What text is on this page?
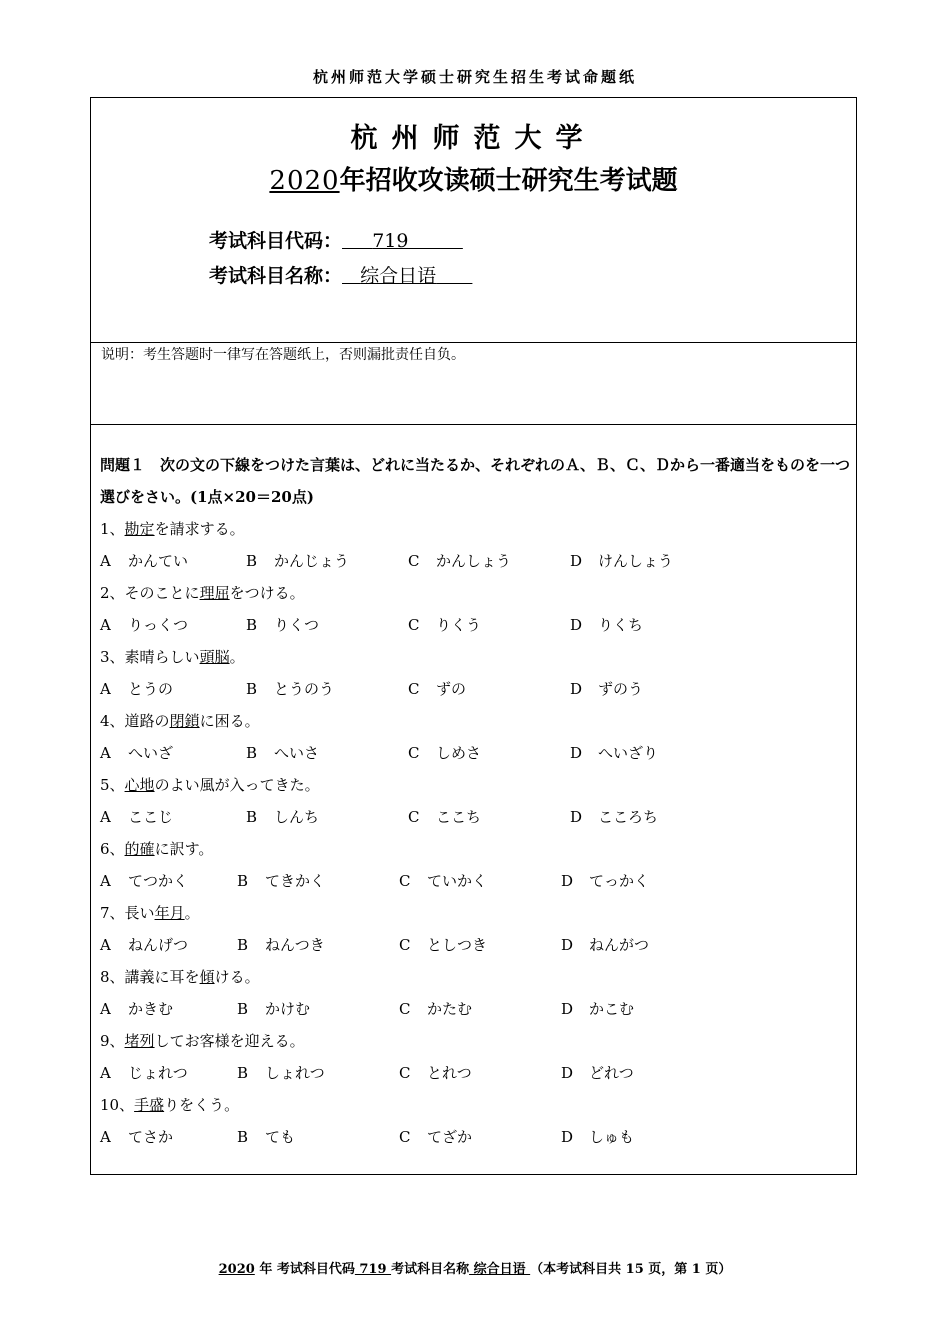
杭州师范大学硕士研究生招生考试命题纸
杭州师范大学
2020年招收攻读硕士研究生考试题
考试科目代码： 719
考试科目名称： 综合日语
说明：考生答题时一律写在答题纸上，否则漏批责任自负。
問題１　次の文の下線をつけた言葉は、どれに当たるか、それぞれのＡ、Ｂ、Ｃ、Ｄから一番適当をものを一つ選びをさい。(1点×20＝20点)
1、勘定を請求する。
A かんてい	B かんじょう	C かんしょう	D けんしょう
2、そのことに理屈をつける。
A りっくつ	B りくつ	C りくう	D りくち
3、素晴らしい頭脳。
A とうの	B とうのう	C ずの	D ずのう
4、道路の閉鎖に困る。
A へいざ	B へいさ	C しめさ	D へいざり
5、心地のよい風が入ってきた。
A ここじ	B しんち	C ここち	D こころち
6、的確に訳す。
A てつかく	B てきかく	C ていかく	D てっかく
7、長い年月。
A ねんげつ	B ねんつき	C としつき	D ねんがつ
8、講義に耳を傾ける。
A かきむ	B かけむ	C かたむ	D かこむ
9、堵列してお客様を迎える。
A じょれつ	B しょれつ	C とれつ	D どれつ
10、手盛りをくう。
A てさか	B ても	C てざか	D しゅも
2020 年 考试科目代码 719 考试科目名称 综合日语 （本考试科目共 15 页，第 1 页）
